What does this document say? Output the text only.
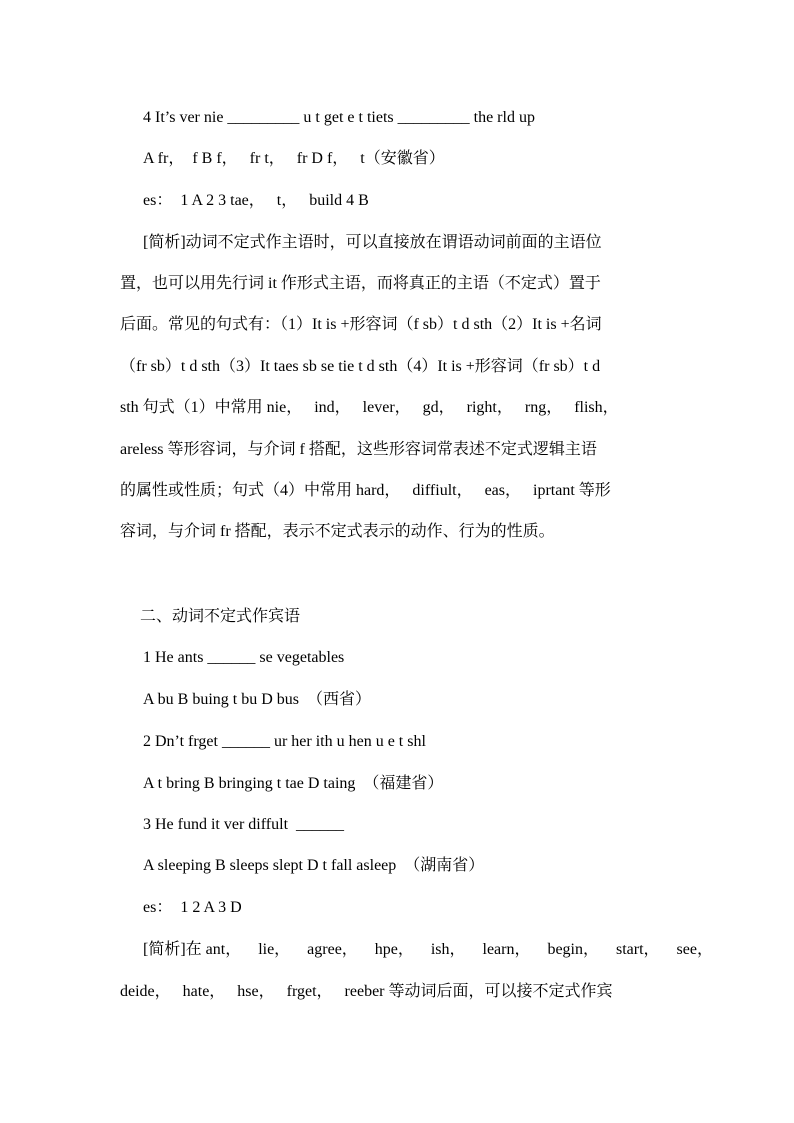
4 It’s ver nie _________ u t get e t tiets _________ the rld up
A fr，  f B f，   fr t，   fr D f，   t（安徽省）
es：  1 A 2 3 tae，   t，   build 4 B
[简析]动词不定式作主语时，可以直接放在谓语动词前面的主语位
置，也可以用先行词 it 作形式主语，而将真正的主语（不定式）置于
后面。常见的句式有：（1）It is +形容词（f sb）t d sth（2）It is +名词
（fr sb）t d sth（3）It taes sb se tie t d sth（4）It is +形容词（fr sb）t d
sth 句式（1）中常用 nie，   ind，   lever，   gd，   right，   rng，   flish，
areless 等形容词，与介词 f 搭配，这些形容词常表述不定式逻辑主语
的属性或性质；句式（4）中常用 hard，   diffiult，   eas，   iprtant 等形
容词，与介词 fr 搭配，表示不定式表示的动作、行为的性质。
二、动词不定式作宾语
1 He ants ______ se vegetables
A bu B buing t bu D bus  （西省）
2 Dn’t frget ______ ur her ith u hen u e t shl
A t bring B bringing t tae D taing  （福建省）
3 He fund it ver diffult  ______
A sleeping B sleeps slept D t fall asleep  （湖南省）
es：  1 2 A 3 D
[简析]在 ant， lie， agree， hpe， ish， learn， begin， start， see，
deide，   hate，   hse，   frget，   reeber 等动词后面，可以接不定式作宾
